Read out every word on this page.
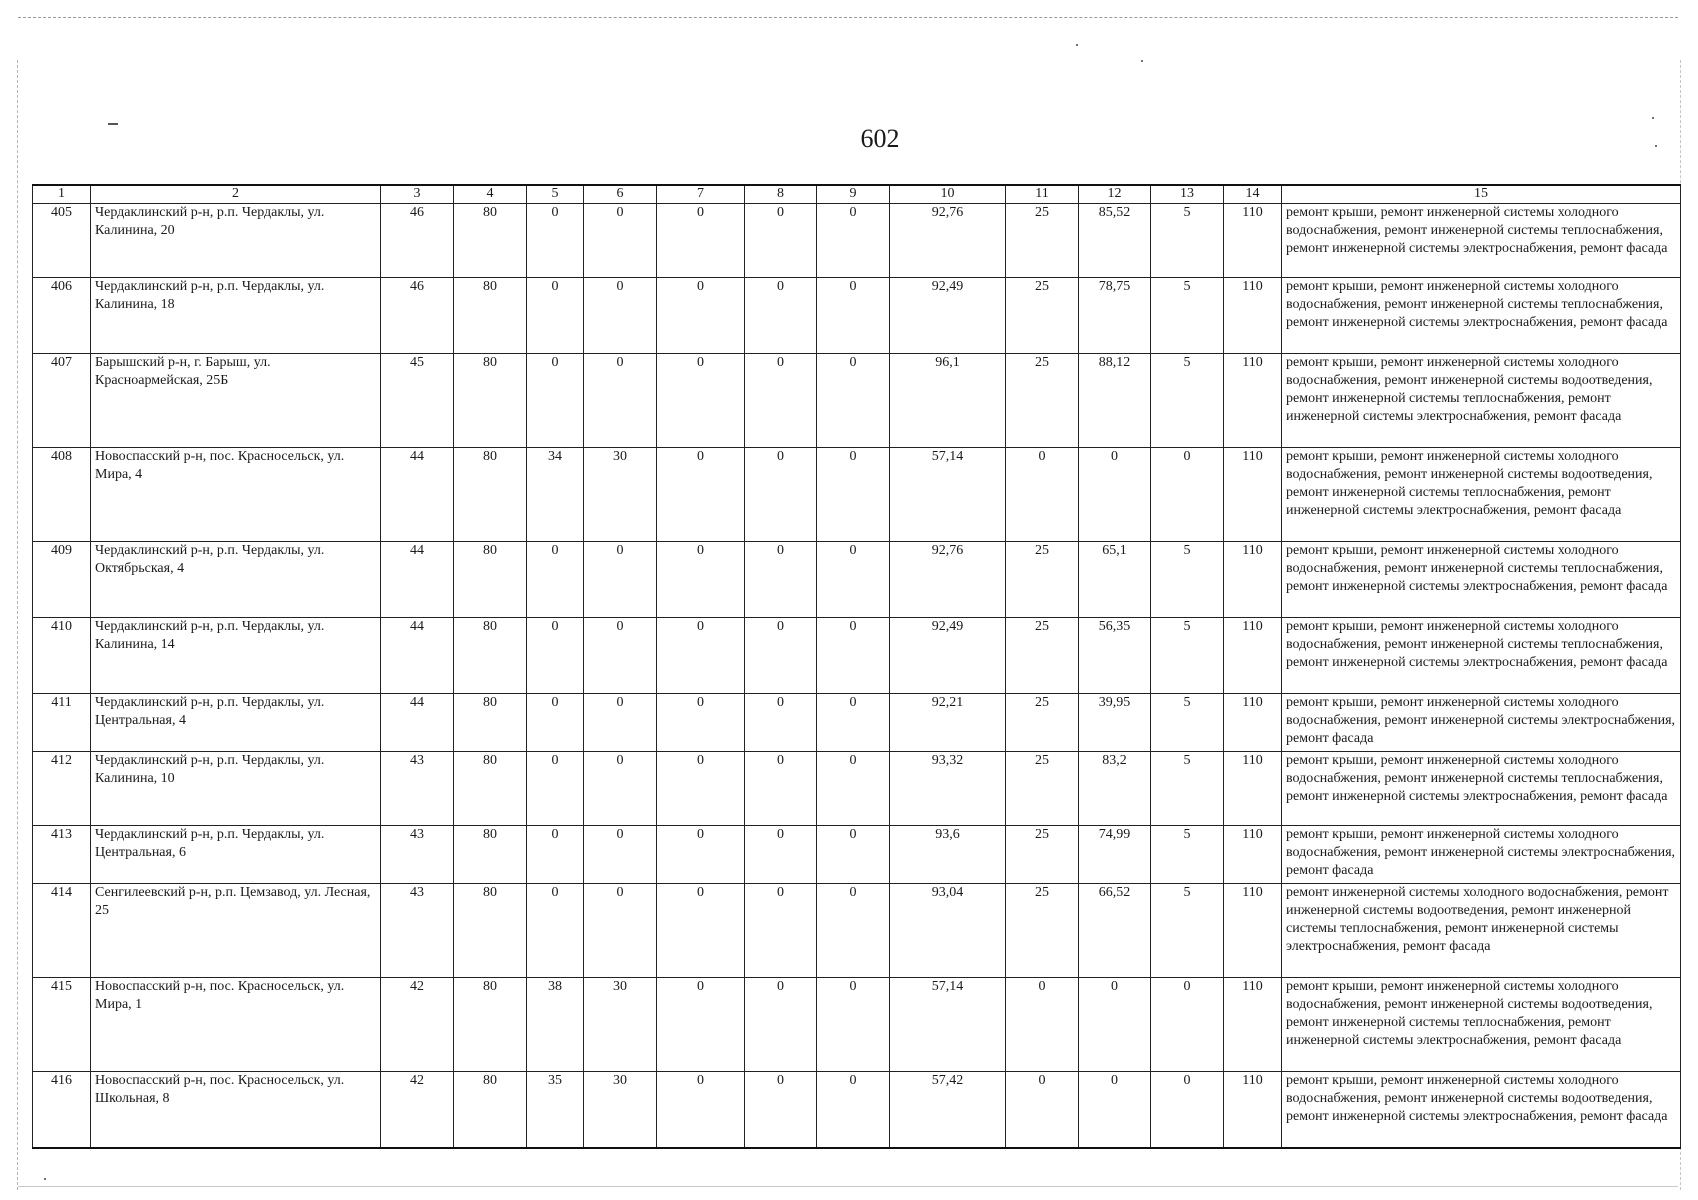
602
1	2	3	4	5	6	7	8	9	10	11	12	13	14	15
405	Чердаклинский р-н, р.п. Чердаклы, ул. Калинина, 20	46	80	0	0	0	0	0	92,76	25	85,52	5	110	ремонт крыши, ремонт инженерной системы холодного водоснабжения, ремонт инженерной системы теплоснабжения, ремонт инженерной системы электроснабжения, ремонт фасада
406	Чердаклинский р-н, р.п. Чердаклы, ул. Калинина, 18	46	80	0	0	0	0	0	92,49	25	78,75	5	110	ремонт крыши, ремонт инженерной системы холодного водоснабжения, ремонт инженерной системы теплоснабжения, ремонт инженерной системы электроснабжения, ремонт фасада
407	Барышский р-н, г. Барыш, ул. Красноармейская, 25Б	45	80	0	0	0	0	0	96,1	25	88,12	5	110	ремонт крыши, ремонт инженерной системы холодного водоснабжения, ремонт инженерной системы водоотведения, ремонт инженерной системы теплоснабжения, ремонт инженерной системы электроснабжения, ремонт фасада
408	Новоспасский р-н, пос. Красносельск, ул. Мира, 4	44	80	34	30	0	0	0	57,14	0	0	0	110	ремонт крыши, ремонт инженерной системы холодного водоснабжения, ремонт инженерной системы водоотведения, ремонт инженерной системы теплоснабжения, ремонт инженерной системы электроснабжения, ремонт фасада
409	Чердаклинский р-н, р.п. Чердаклы, ул. Октябрьская, 4	44	80	0	0	0	0	0	92,76	25	65,1	5	110	ремонт крыши, ремонт инженерной системы холодного водоснабжения, ремонт инженерной системы теплоснабжения, ремонт инженерной системы электроснабжения, ремонт фасада
410	Чердаклинский р-н, р.п. Чердаклы, ул. Калинина, 14	44	80	0	0	0	0	0	92,49	25	56,35	5	110	ремонт крыши, ремонт инженерной системы холодного водоснабжения, ремонт инженерной системы теплоснабжения, ремонт инженерной системы электроснабжения, ремонт фасада
411	Чердаклинский р-н, р.п. Чердаклы, ул. Центральная, 4	44	80	0	0	0	0	0	92,21	25	39,95	5	110	ремонт крыши, ремонт инженерной системы холодного водоснабжения, ремонт инженерной системы электроснабжения, ремонт фасада
412	Чердаклинский р-н, р.п. Чердаклы, ул. Калинина, 10	43	80	0	0	0	0	0	93,32	25	83,2	5	110	ремонт крыши, ремонт инженерной системы холодного водоснабжения, ремонт инженерной системы теплоснабжения, ремонт инженерной системы электроснабжения, ремонт фасада
413	Чердаклинский р-н, р.п. Чердаклы, ул. Центральная, 6	43	80	0	0	0	0	0	93,6	25	74,99	5	110	ремонт крыши, ремонт инженерной системы холодного водоснабжения, ремонт инженерной системы электроснабжения, ремонт фасада
414	Сенгилеевский р-н, р.п. Цемзавод, ул. Лесная, 25	43	80	0	0	0	0	0	93,04	25	66,52	5	110	ремонт инженерной системы холодного водоснабжения, ремонт инженерной системы водоотведения, ремонт инженерной системы теплоснабжения, ремонт инженерной системы электроснабжения, ремонт фасада
415	Новоспасский р-н, пос. Красносельск, ул. Мира, 1	42	80	38	30	0	0	0	57,14	0	0	0	110	ремонт крыши, ремонт инженерной системы холодного водоснабжения, ремонт инженерной системы водоотведения, ремонт инженерной системы теплоснабжения, ремонт инженерной системы электроснабжения, ремонт фасада
416	Новоспасский р-н, пос. Красносельск, ул. Школьная, 8	42	80	35	30	0	0	0	57,42	0	0	0	110	ремонт крыши, ремонт инженерной системы холодного водоснабжения, ремонт инженерной системы водоотведения, ремонт инженерной системы электроснабжения, ремонт фасада
